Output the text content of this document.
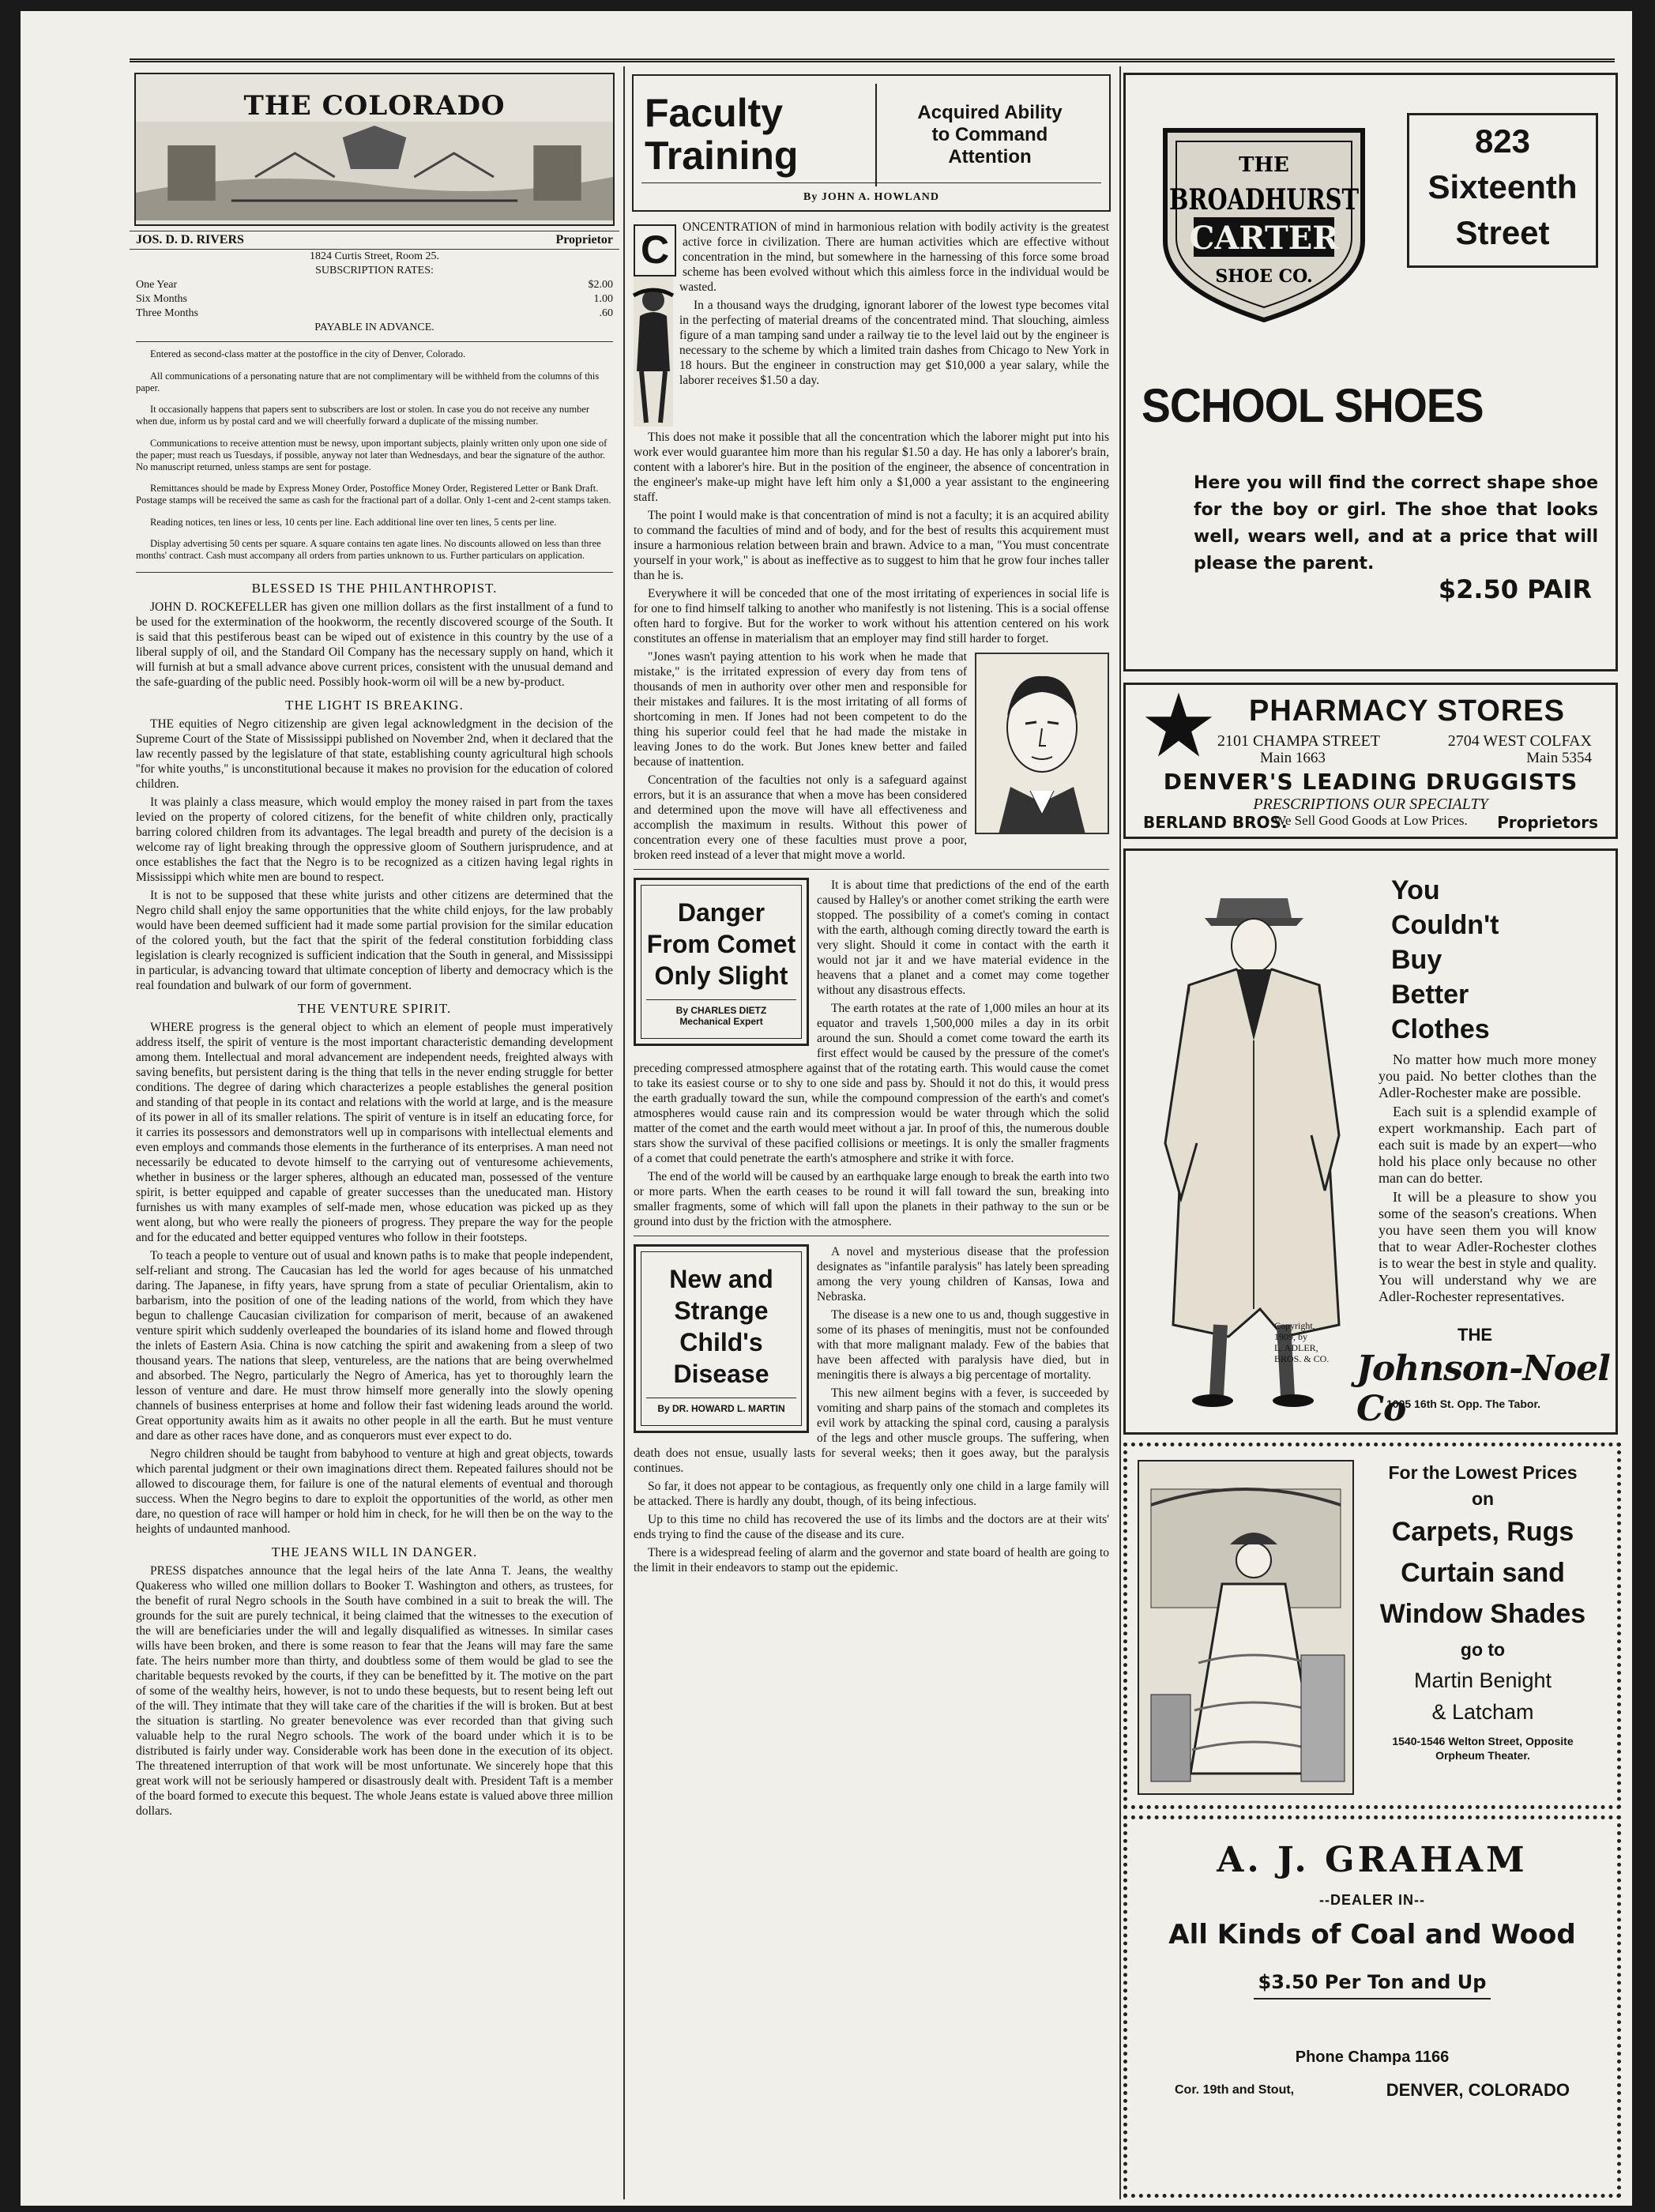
THE COLORADO
JOS. D. D. RIVERS	Proprietor
1824 Curtis Street, Room 25.
SUBSCRIPTION RATES:
One Year	$2.00
Six Months	1.00
Three Months	.60
PAYABLE IN ADVANCE.

Entered as second-class matter at the postoffice in the city of Denver, Colorado.

All communications of a personating nature that are not complimentary will be withheld from the columns of this paper.

It occasionally happens that papers sent to subscribers are lost or stolen. In case you do not receive any number when due, inform us by postal card and we will cheerfully forward a duplicate of the missing number.

Communications to receive attention must be newsy, upon important subjects, plainly written only upon one side of the paper; must reach us Tuesdays, if possible, anyway not later than Wednesdays, and bear the signature of the author. No manuscript returned, unless stamps are sent for postage.

Remittances should be made by Express Money Order, Postoffice Money Order, Registered Letter or Bank Draft. Postage stamps will be received the same as cash for the fractional part of a dollar. Only 1-cent and 2-cent stamps taken.

Reading notices, ten lines or less, 10 cents per line. Each additional line over ten lines, 5 cents per line.

Display advertising 50 cents per square. A square contains ten agate lines. No discounts allowed on less than three months' contract. Cash must accompany all orders from parties unknown to us. Further particulars on application.

BLESSED IS THE PHILANTHROPIST.

JOHN D. ROCKEFELLER has given one million dollars as the first installment of a fund to be used for the extermination of the hookworm, the recently discovered scourge of the South. It is said that this pestiferous beast can be wiped out of existence in this country by the use of a liberal supply of oil, and the Standard Oil Company has the necessary supply on hand, which it will furnish at but a small advance above current prices, consistent with the unusual demand and the safe-guarding of the public need. Possibly hook-worm oil will be a new by-product.

THE LIGHT IS BREAKING.

THE equities of Negro citizenship are given legal acknowledgment in the decision of the Supreme Court of the State of Mississippi published on November 2nd, when it declared that the law recently passed by the legislature of that state, establishing county agricultural high schools ''for white youths,'' is unconstitutional because it makes no provision for the education of colored children.

It was plainly a class measure, which would employ the money raised in part from the taxes levied on the property of colored citizens, for the benefit of white children only, practically barring colored children from its advantages. The legal breadth and purety of the decision is a welcome ray of light breaking through the oppressive gloom of Southern jurisprudence, and at once establishes the fact that the Negro is to be recognized as a citizen having legal rights in Mississippi which white men are bound to respect.

It is not to be supposed that these white jurists and other citizens are determined that the Negro child shall enjoy the same opportunities that the white child enjoys, for the law probably would have been deemed sufficient had it made some partial provision for the similar education of the colored youth, but the fact that the spirit of the federal constitution forbidding class legislation is clearly recognized is sufficient indication that the South in general, and Mississippi in particular, is advancing toward that ultimate conception of liberty and democracy which is the real foundation and bulwark of our form of government.

THE VENTURE SPIRIT.

WHERE progress is the general object to which an element of people must imperatively address itself, the spirit of venture is the most important characteristic demanding development among them. Intellectual and moral advancement are independent needs, freighted always with saving benefits, but persistent daring is the thing that tells in the never ending struggle for better conditions. The degree of daring which characterizes a people establishes the general position and standing of that people in its contact and relations with the world at large, and is the measure of its power in all of its smaller relations. The spirit of venture is in itself an educating force, for it carries its possessors and demonstrators well up in comparisons with intellectual elements and even employs and commands those elements in the furtherance of its enterprises. A man need not necessarily be educated to devote himself to the carrying out of venturesome achievements, whether in business or the larger spheres, although an educated man, possessed of the venture spirit, is better equipped and capable of greater successes than the uneducated man. History furnishes us with many examples of self-made men, whose education was picked up as they went along, but who were really the pioneers of progress. They prepare the way for the people and for the educated and better equipped ventures who follow in their footsteps.

To teach a people to venture out of usual and known paths is to make that people independent, self-reliant and strong. The Caucasian has led the world for ages because of his unmatched daring. The Japanese, in fifty years, have sprung from a state of peculiar Orientalism, akin to barbarism, into the position of one of the leading nations of the world, from which they have begun to challenge Caucasian civilization for comparison of merit, because of an awakened venture spirit which suddenly overleaped the boundaries of its island home and flowed through the inlets of Eastern Asia. China is now catching the spirit and awakening from a sleep of two thousand years. The nations that sleep, ventureless, are the nations that are being overwhelmed and absorbed. The Negro, particularly the Negro of America, has yet to thoroughly learn the lesson of venture and dare. He must throw himself more generally into the slowly opening channels of business enterprises at home and follow their fast widening leads around the world. Great opportunity awaits him as it awaits no other people in all the earth. But he must venture and dare as other races have done, and as conquerors must ever expect to do.

Negro children should be taught from babyhood to venture at high and great objects, towards which parental judgment or their own imaginations direct them. Repeated failures should not be allowed to discourage them, for failure is one of the natural elements of eventual and thorough success. When the Negro begins to dare to exploit the opportunities of the world, as other men dare, no question of race will hamper or hold him in check, for he will then be on the way to the heights of undaunted manhood.

THE JEANS WILL IN DANGER.

PRESS dispatches announce that the legal heirs of the late Anna T. Jeans, the wealthy Quakeress who willed one million dollars to Booker T. Washington and others, as trustees, for the benefit of rural Negro schools in the South have combined in a suit to break the will. The grounds for the suit are purely technical, it being claimed that the witnesses to the execution of the will are beneficiaries under the will and legally disqualified as witnesses. In similar cases wills have been broken, and there is some reason to fear that the Jeans will may fare the same fate. The heirs number more than thirty, and doubtless some of them would be glad to see the charitable bequests revoked by the courts, if they can be benefitted by it. The motive on the part of some of the wealthy heirs, however, is not to undo these bequests, but to resent being left out of the will. They intimate that they will take care of the charities if the will is broken. But at best the situation is startling. No greater benevolence was ever recorded than that giving such valuable help to the rural Negro schools. The work of the board under which it is to be distributed is fairly under way. Considerable work has been done in the execution of its object. The threatened interruption of that work will be most unfortunate. We sincerely hope that this great work will not be seriously hampered or disastrously dealt with. President Taft is a member of the board formed to execute this bequest. The whole Jeans estate is valued above three million dollars.

Faculty
Training
Acquired Ability
to Command
Attention
By JOHN A. HOWLAND
C

ONCENTRATION of mind in harmonious relation with bodily activity is the greatest active force in civilization. There are human activities which are effective without concentration in the mind, but somewhere in the harnessing of this force some broad scheme has been evolved without which this aimless force in the individual would be wasted.

In a thousand ways the drudging, ignorant laborer of the lowest type becomes vital in the perfecting of material dreams of the concentrated mind. That slouching, aimless figure of a man tamping sand under a railway tie to the level laid out by the engineer is necessary to the scheme by which a limited train dashes from Chicago to New York in 18 hours. But the engineer in construction may get $10,000 a year salary, while the laborer receives $1.50 a day.

This does not make it possible that all the concentration which the laborer might put into his work ever would guarantee him more than his regular $1.50 a day. He has only a laborer's brain, content with a laborer's hire. But in the position of the engineer, the absence of concentration in the engineer's make-up might have left him only a $1,000 a year assistant to the engineering staff.

The point I would make is that concentration of mind is not a faculty; it is an acquired ability to command the faculties of mind and of body, and for the best of results this acquirement must insure a harmonious relation between brain and brawn. Advice to a man, "You must concentrate yourself in your work," is about as ineffective as to suggest to him that he grow four inches taller than he is.

Everywhere it will be conceded that one of the most irritating of experiences in social life is for one to find himself talking to another who manifestly is not listening. This is a social offense often hard to forgive. But for the worker to work without his attention centered on his work constitutes an offense in materialism that an employer may find still harder to forget.

"Jones wasn't paying attention to his work when he made that mistake," is the irritated expression of every day from tens of thousands of men in authority over other men and responsible for their mistakes and failures. It is the most irritating of all forms of shortcoming in men. If Jones had not been competent to do the thing his superior could feel that he had made the mistake in leaving Jones to do the work. But Jones knew better and failed because of inattention.

Concentration of the faculties not only is a safeguard against errors, but it is an assurance that when a move has been considered and determined upon the move will have all effectiveness and accomplish the maximum in results. Without this power of concentration every one of these faculties must prove a poor, broken reed instead of a lever that might move a world.

Danger From Comet Only Slight
By CHARLES DIETZ
Mechanical Expert

It is about time that predictions of the end of the earth caused by Halley's or another comet striking the earth were stopped. The possibility of a comet's coming in contact with the earth, although coming directly toward the earth is very slight. Should it come in contact with the earth it would not jar it and we have material evidence in the heavens that a planet and a comet may come together without any disastrous effects.

The earth rotates at the rate of 1,000 miles an hour at its equator and travels 1,500,000 miles a day in its orbit around the sun. Should a comet come toward the earth its first effect would be caused by the pressure of the comet's preceding compressed atmosphere against that of the rotating earth. This would cause the comet to take its easiest course or to shy to one side and pass by. Should it not do this, it would press the earth gradually toward the sun, while the compound compression of the earth's and comet's atmospheres would cause rain and its compression would be water through which the solid matter of the comet and the earth would meet without a jar. In proof of this, the numerous double stars show the survival of these pacified collisions or meetings. It is only the smaller fragments of a comet that could penetrate the earth's atmosphere and strike it with force.

The end of the world will be caused by an earthquake large enough to break the earth into two or more parts. When the earth ceases to be round it will fall toward the sun, breaking into smaller fragments, some of which will fall upon the planets in their pathway to the sun or be ground into dust by the friction with the atmosphere.

New and Strange Child's Disease
By DR. HOWARD L. MARTIN

A novel and mysterious disease that the profession designates as "infantile paralysis" has lately been spreading among the very young children of Kansas, Iowa and Nebraska.

The disease is a new one to us and, though suggestive in some of its phases of meningitis, must not be confounded with that more malignant malady. Few of the babies that have been affected with paralysis have died, but in meningitis there is always a big percentage of mortality.

This new ailment begins with a fever, is succeeded by vomiting and sharp pains of the stomach and completes its evil work by attacking the spinal cord, causing a paralysis of the legs and other muscle groups. The suffering, when death does not ensue, usually lasts for several weeks; then it goes away, but the paralysis continues.

So far, it does not appear to be contagious, as frequently only one child in a large family will be attacked. There is hardly any doubt, though, of its being infectious.

Up to this time no child has recovered the use of its limbs and the doctors are at their wits' ends trying to find the cause of the disease and its cure.

There is a widespread feeling of alarm and the governor and state board of health are going to the limit in their endeavors to stamp out the epidemic.

THE
BROADHURST
CARTER
SHOE CO.
823
Sixteenth
Street
SCHOOL SHOES
Here you will find the correct shape shoe for the boy or girl. The shoe that looks well, wears well, and at a price that will please the parent.
$2.50 PAIR
PHARMACY STORES
2101 CHAMPA STREET	2704 WEST COLFAX
Main 1663	Main 5354
DENVER'S LEADING DRUGGISTS
PRESCRIPTIONS OUR SPECIALTY
We Sell Good Goods at Low Prices.
BERLAND BROS.	Proprietors
You
Couldn't
Buy
Better
Clothes

No matter how much more money you paid. No better clothes than the Adler-Rochester make are possible.

Each suit is a splendid example of expert workmanship. Each part of each suit is made by an expert—who hold his place only because no other man can do better.

It will be a pleasure to show you some of the season's creations. When you have seen them you will know that to wear Adler-Rochester clothes is to wear the best in style and quality. You will understand why we are Adler-Rochester representatives.

Copyright,
1909, by
L. ADLER,
BROS. & CO.
THE
Johnson-Noel Co
1005 16th St. Opp. The Tabor.
For the Lowest Prices
on
Carpets, Rugs
Curtain sand
Window Shades
go to
Martin Benight
& Latcham
1540-1546 Welton Street, Opposite
Orpheum Theater.
A. J. GRAHAM
--DEALER IN--
All Kinds of Coal and Wood
$3.50 Per Ton and Up
Phone Champa 1166
Cor. 19th and Stout,	DENVER, COLORADO
